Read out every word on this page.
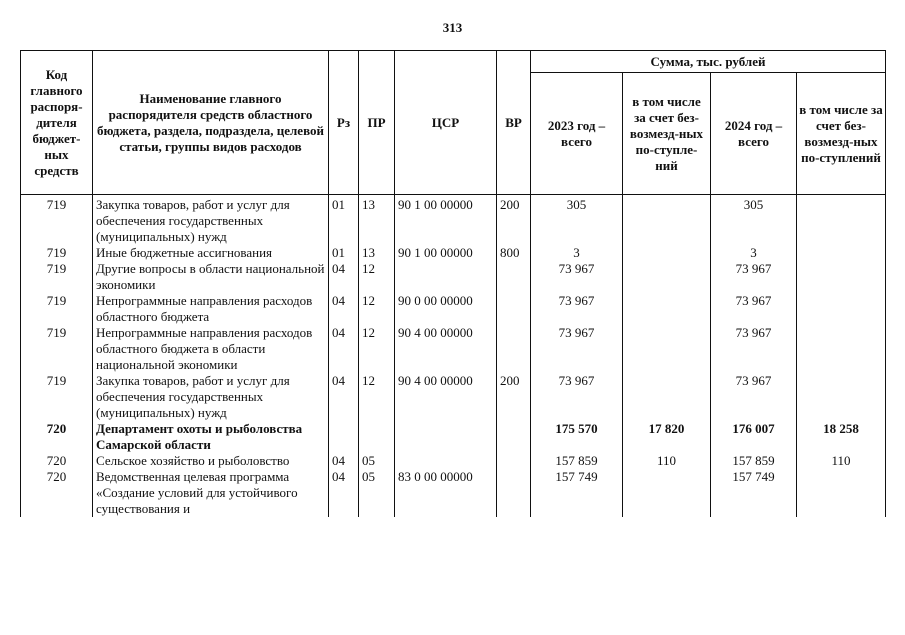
313
Код главного распоря-дителя бюджет-ных средств	Наименование главного распорядителя средств областного бюджета, раздела, подраздела, целевой статьи, группы видов расходов	Рз	ПР	ЦСР	ВР	Сумма, тыс. рублей			
						2023 год – всего	в том числе за счет без-возмезд-ных по-ступле-ний	2024 год – всего	в том числе за счет без-возмезд-ных по-ступлений
719	Закупка товаров, работ и услуг для обеспечения государственных (муниципальных) нужд	01	13	90 1 00 00000	200	305		305	
719	Иные бюджетные ассигнования	01	13	90 1 00 00000	800	3		3	
719	Другие вопросы в области национальной экономики	04	12			73 967		73 967	
719	Непрограммные направления расходов областного бюджета	04	12	90 0 00 00000		73 967		73 967	
719	Непрограммные направления расходов областного бюджета в области национальной экономики	04	12	90 4 00 00000		73 967		73 967	
719	Закупка товаров, работ и услуг для обеспечения государственных (муниципальных) нужд	04	12	90 4 00 00000	200	73 967		73 967	
720	Департамент охоты и рыболовства Самарской области					175 570	17 820	176 007	18 258
720	Сельское хозяйство и рыболовство	04	05			157 859	110	157 859	110
720	Ведомственная целевая программа «Создание условий для устойчивого существования и	04	05	83 0 00 00000		157 749		157 749	
